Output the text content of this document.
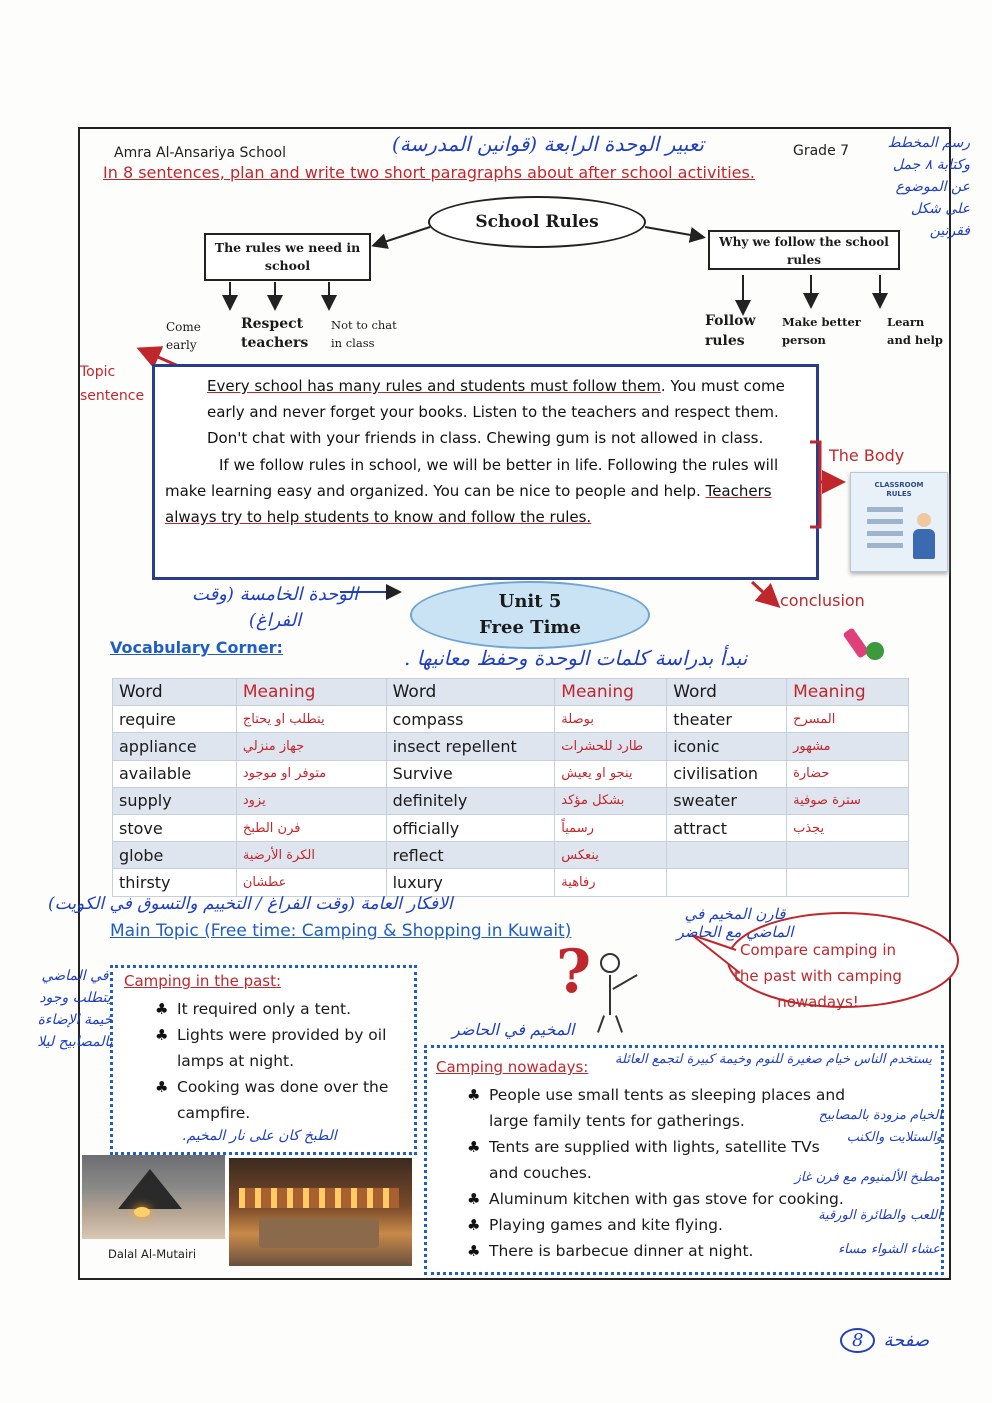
Amra Al-Ansariya School	Grade 7
تعبير الوحدة الرابعة (قوانين المدرسة)
In 8 sentences, plan and write two short paragraphs about after school activities.
رسم المخطط وكتابة ٨ جمل عن الموضوع على شكل فقرتين
School Rules
The rules we need in school
Why we follow the school rules
Come early
Respect teachers
Not to chat in class
Follow rules
Make better person
Learn and help
Topic sentence

Every school has many rules and students must follow them. You must come early and never forget your books. Listen to the teachers and respect them. Don't chat with your friends in class. Chewing gum is not allowed in class.

If we follow rules in school, we will be better in life. Following the rules will make learning easy and organized. You can be nice to people and help. Teachers always try to help students to know and follow the rules.

The Body
CLASSROOM RULES
conclusion
Unit 5
Free Time
الوحدة الخامسة (وقت الفراغ)
Vocabulary Corner:	نبدأ بدراسة كلمات الوحدة وحفظ معانيها .
Word	Meaning	Word	Meaning	Word	Meaning
require	يتطلب او يحتاج	compass	بوصلة	theater	المسرح
appliance	جهاز منزلي	insect repellent	طارد للحشرات	iconic	مشهور
available	متوفر او موجود	Survive	ينجو او يعيش	civilisation	حضارة
supply	يزود	definitely	بشكل مؤكد	sweater	سترة صوفية
stove	فرن الطبخ	officially	رسمياً	attract	يجذب
globe	الكرة الأرضية	reflect	ينعكس		
thirsty	عطشان	luxury	رفاهية		
الافكار العامة (وقت الفراغ / التخييم والتسوق في الكويت)
Main Topic (Free time: Camping & Shopping in Kuwait)
Compare camping in the past with camping nowadays!
قارن المخيم في الماضي مع الحاضر
?
Camping in the past:
♣ It required only a tent.
♣ Lights were provided by oil lamps at night.
♣ Cooking was done over the campfire.
في الماضي يتطلب وجود خيمة الإضاءة بالمصابيح ليلا
الطبخ كان على نار المخيم.
Dalal Al-Mutairi
المخيم في الحاضر
Camping nowadays:
♣ People use small tents as sleeping places and large family tents for gatherings.
♣ Tents are supplied with lights, satellite TVs and couches.
♣ Aluminum kitchen with gas stove for cooking.
♣ Playing games and kite flying.
♣ There is barbecue dinner at night.
يستخدم الناس خيام صغيرة للنوم وخيمة كبيرة لتجمع العائلة
الخيام مزودة بالمصابيح والستلايت والكنب
مطبخ الألمنيوم مع فرن غاز
اللعب والطائرة الورقية
عشاء الشواء مساء
صفحة
8
